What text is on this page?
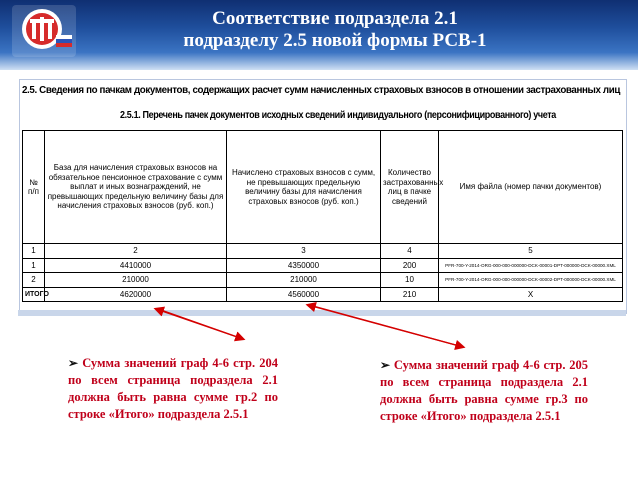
Соответствие подраздела 2.1
подразделу 2.5 новой формы РСВ-1
2.5. Сведения по пачкам документов, содержащих расчет сумм начисленных страховых взносов в отношении застрахованных лиц
2.5.1. Перечень пачек документов исходных сведений индивидуального (персонифицированного) учета
№ п/п	База для начисления страховых взносов на обязательное пенсионное страхование с сумм выплат и иных вознаграждений, не превышающих предельную величину базы для начисления страховых взносов (руб. коп.)	Начислено страховых взносов с сумм, не превышающих предельную величину базы для начисления страховых взносов (руб. коп.)	Количество застрахованных лиц в пачке сведений	Имя файла (номер пачки документов)
1	2	3	4	5
1	4410000	4350000	200	PFR-700-Y-2014-ORG-000-000-000000-DCK-00001-DPT-000000-DCK-00000.XML
2	210000	210000	10	PFR-700-Y-2014-ORG-000-000-000000-DCK-00002-DPT-000000-DCK-00000.XML
ИТОГО	4620000	4560000	210	X
➢ Сумма значений граф 4-6 стр. 204 по всем страница подраздела 2.1 должна быть равна сумме гр.2 по строке «Итого» подраздела 2.5.1
➢ Сумма значений граф 4-6 стр. 205 по всем страница подраздела 2.1 должна быть равна сумме гр.3 по строке «Итого» подраздела 2.5.1
